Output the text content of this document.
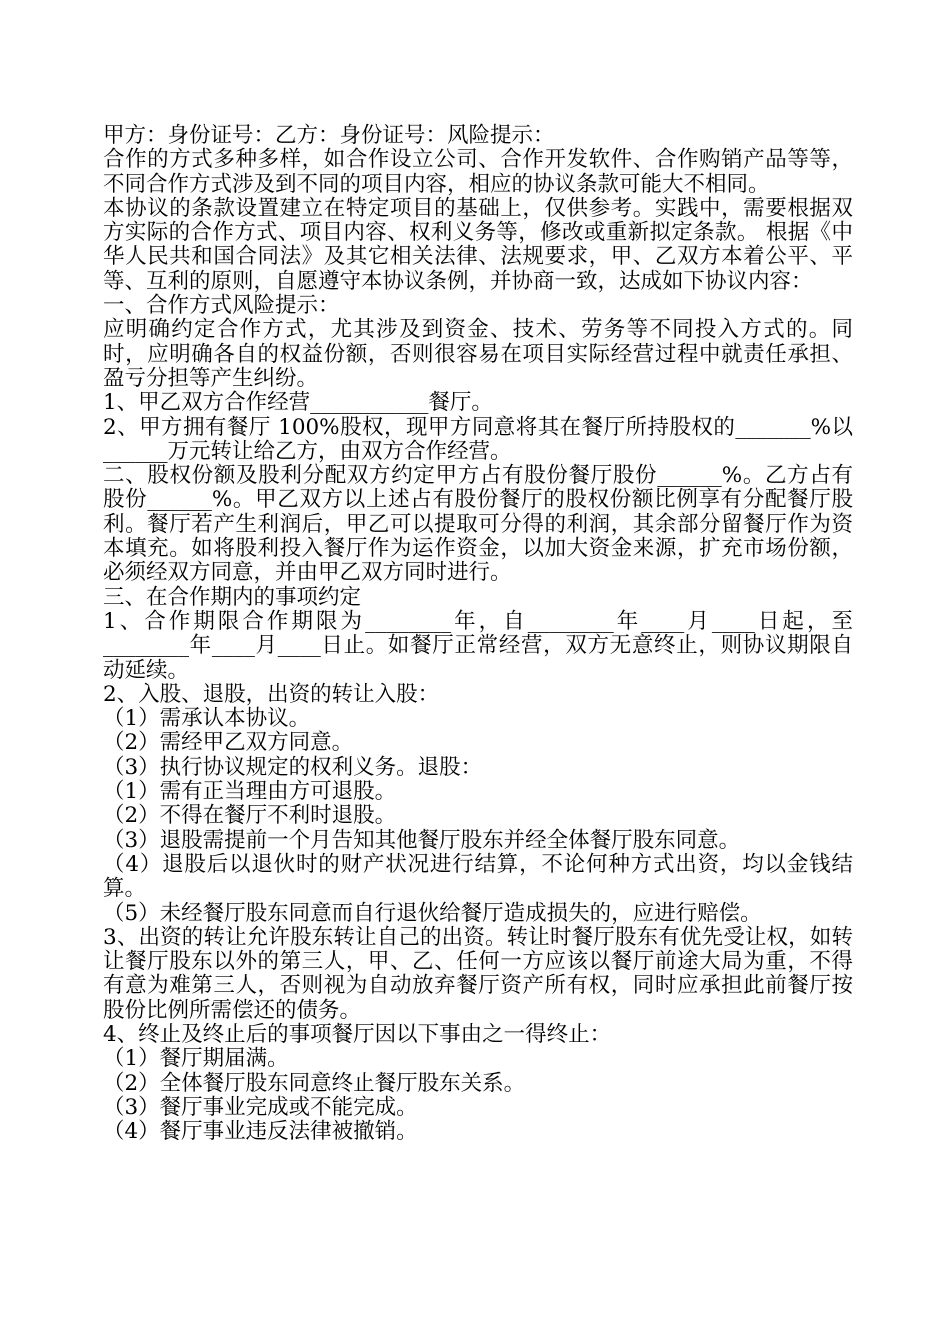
甲方：身份证号：乙方：身份证号：风险提示：

合作的方式多种多样，如合作设立公司、合作开发软件、合作购销产品等等，不同合作方式涉及到不同的项目内容，相应的协议条款可能大不相同。

本协议的条款设置建立在特定项目的基础上，仅供参考。实践中，需要根据双方实际的合作方式、项目内容、权利义务等，修改或重新拟定条款。 根据《中华人民共和国合同法》及其它相关法律、法规要求，甲、乙双方本着公平、平等、互利的原则，自愿遵守本协议条例，并协商一致，达成如下协议内容：

一、合作方式风险提示：

应明确约定合作方式，尤其涉及到资金、技术、劳务等不同投入方式的。同时，应明确各自的权益份额，否则很容易在项目实际经营过程中就责任承担、盈亏分担等产生纠纷。

1、甲乙双方合作经营___________餐厅。

2、甲方拥有餐厅 100%股权，现甲方同意将其在餐厅所持股权的_______%以______万元转让给乙方，由双方合作经营。

二、股权份额及股利分配双方约定甲方占有股份餐厅股份______%。乙方占有股份______%。甲乙双方以上述占有股份餐厅的股权份额比例享有分配餐厅股利。餐厅若产生利润后，甲乙可以提取可分得的利润，其余部分留餐厅作为资本填充。如将股利投入餐厅作为运作资金，以加大资金来源，扩充市场份额，必须经双方同意，并由甲乙双方同时进行。

三、在合作期内的事项约定

1、合作期限合作期限为________年，自________年____月____日起，至________年____月____日止。如餐厅正常经营，双方无意终止，则协议期限自动延续。

2、入股、退股，出资的转让入股：

（1）需承认本协议。

（2）需经甲乙双方同意。

（3）执行协议规定的权利义务。退股：

（1）需有正当理由方可退股。

（2）不得在餐厅不利时退股。

（3）退股需提前一个月告知其他餐厅股东并经全体餐厅股东同意。

（4）退股后以退伙时的财产状况进行结算，不论何种方式出资，均以金钱结算。

（5）未经餐厅股东同意而自行退伙给餐厅造成损失的，应进行赔偿。

3、出资的转让允许股东转让自己的出资。转让时餐厅股东有优先受让权，如转让餐厅股东以外的第三人，甲、乙、任何一方应该以餐厅前途大局为重，不得有意为难第三人，否则视为自动放弃餐厅资产所有权，同时应承担此前餐厅按股份比例所需偿还的债务。

4、终止及终止后的事项餐厅因以下事由之一得终止：

（1）餐厅期届满。

（2）全体餐厅股东同意终止餐厅股东关系。

（3）餐厅事业完成或不能完成。

（4）餐厅事业违反法律被撤销。
